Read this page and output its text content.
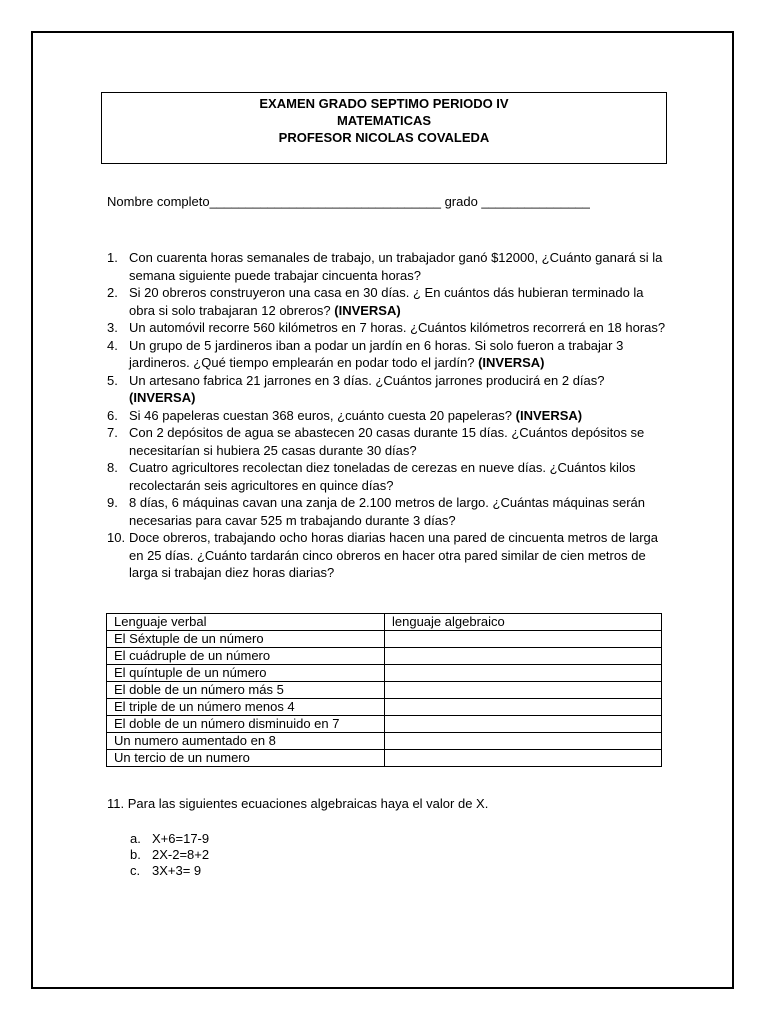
EXAMEN GRADO SEPTIMO PERIODO IV
MATEMATICAS
PROFESOR NICOLAS COVALEDA
Nombre completo________________________________ grado _______________
1. Con cuarenta horas semanales de trabajo, un trabajador ganó $12000, ¿Cuánto ganará si la semana siguiente puede trabajar cincuenta horas?
2. Si 20 obreros construyeron una casa en 30 días. ¿ En cuántos dás hubieran terminado la obra si solo trabajaran 12 obreros? (INVERSA)
3. Un automóvil recorre 560 kilómetros en 7 horas. ¿Cuántos kilómetros recorrerá en 18 horas?
4. Un grupo de 5 jardineros iban a podar un jardín en 6 horas. Si solo fueron a trabajar 3 jardineros. ¿Qué tiempo emplearán en podar todo el jardín? (INVERSA)
5. Un artesano fabrica 21 jarrones en 3 días. ¿Cuántos jarrones producirá en 2 días?
(INVERSA)
6. Si 46 papeleras cuestan 368 euros, ¿cuánto cuesta 20 papeleras? (INVERSA)
7. Con 2 depósitos de agua se abastecen 20 casas durante 15 días. ¿Cuántos depósitos se necesitarían si hubiera 25 casas durante 30 días?
8. Cuatro agricultores recolectan diez toneladas de cerezas en nueve días. ¿Cuántos kilos recolectarán seis agricultores en quince días?
9. 8 días, 6 máquinas cavan una zanja de 2.100 metros de largo. ¿Cuántas máquinas serán necesarias para cavar 525 m trabajando durante 3 días?
10. Doce obreros, trabajando ocho horas diarias hacen una pared de cincuenta metros de larga en 25 días. ¿Cuánto tardarán cinco obreros en hacer otra pared similar de cien metros de larga si trabajan diez horas diarias?
Lenguaje verbal	lenguaje algebraico
El Séxtuple de un número	
El cuádruple de un número	
El quíntuple de un número	
El doble de un número más 5	
El triple de un número menos 4	
El doble de un número disminuido en 7	
Un numero aumentado en 8	
Un tercio de un numero	
11. Para las siguientes ecuaciones algebraicas haya el valor de X.
a. X+6=17-9
b. 2X-2=8+2
c. 3X+3= 9
